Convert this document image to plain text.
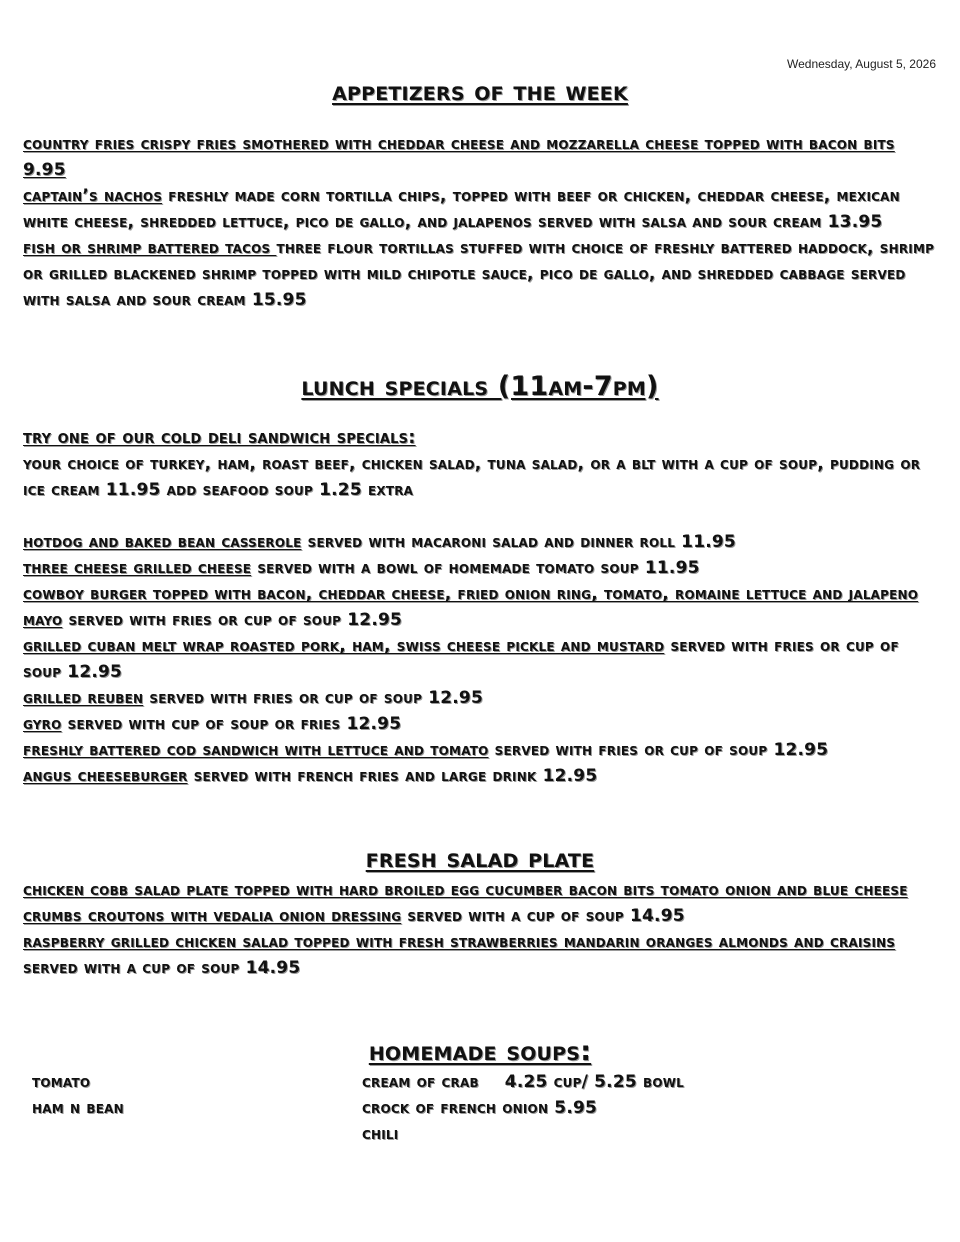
Wednesday, August 5, 2026
appetizers of the week

country fries crispy fries smothered with cheddar cheese and mozzarella cheese topped with bacon bits 9.95

captain’s nachos freshly made corn tortilla chips, topped with beef or chicken, cheddar cheese, mexican white cheese, shredded lettuce, pico de gallo, and jalapenos served with salsa and sour cream 13.95

fish or shrimp battered tacos three flour tortillas stuffed with choice of freshly battered haddock, shrimp or grilled blackened shrimp topped with mild chipotle sauce, pico de gallo, and shredded cabbage served with salsa and sour cream 15.95

lunch specials (11am-7pm)

try one of our cold deli sandwich specials:

your choice of turkey, ham, roast beef, chicken salad, tuna salad, or a blt with a cup of soup, pudding or ice cream 11.95 add seafood soup 1.25 extra

hotdog and baked bean casserole served with macaroni salad and dinner roll 11.95

three cheese grilled cheese served with a bowl of homemade tomato soup 11.95

cowboy burger topped with bacon, cheddar cheese, fried onion ring, tomato, romaine lettuce and jalapeno mayo served with fries or cup of soup 12.95

grilled cuban melt wrap roasted pork, ham, swiss cheese pickle and mustard served with fries or cup of soup 12.95

grilled reuben served with fries or cup of soup 12.95

gyro served with cup of soup or fries 12.95

freshly battered cod sandwich with lettuce and tomato served with fries or cup of soup 12.95

angus cheeseburger served with french fries and large drink 12.95

fresh salad plate

chicken cobb salad plate topped with hard broiled egg cucumber bacon bits tomato onion and blue cheese crumbs croutons with vedalia onion dressing served with a cup of soup 14.95

raspberry grilled chicken salad topped with fresh strawberries mandarin oranges almonds and craisins served with a cup of soup 14.95

homemade soups:
tomato
ham n bean
cream of crab 4.25 cup/ 5.25 bowl
crock of french onion 5.95
chili
